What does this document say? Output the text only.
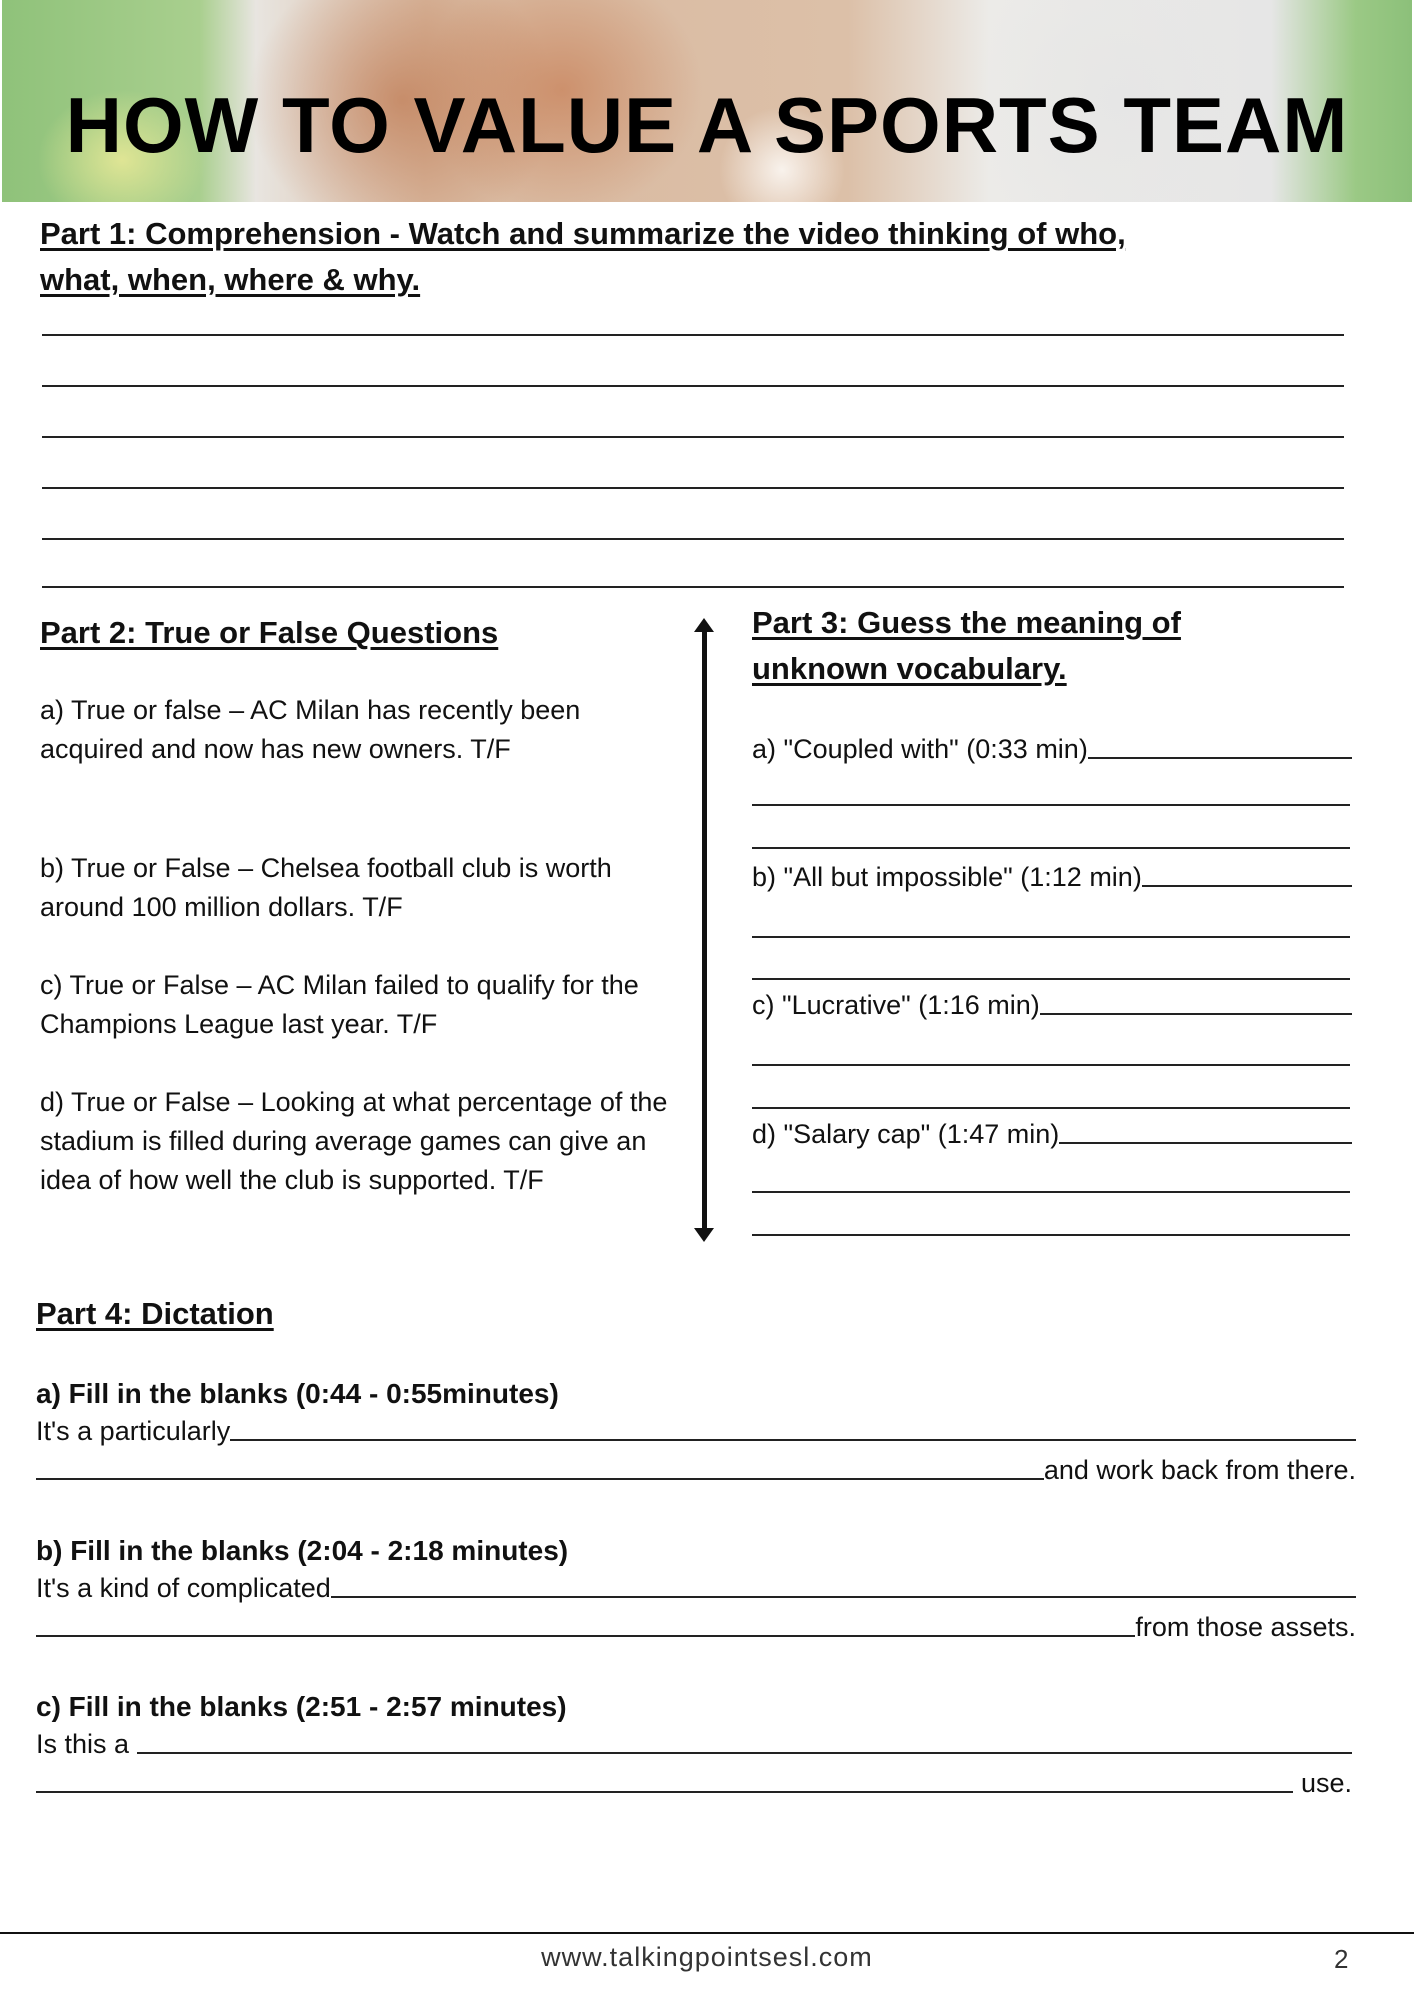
HOW TO VALUE A SPORTS TEAM
Part 1: Comprehension - Watch and summarize the video thinking of who,
what, when, where & why.
Part 2: True or False Questions
a) True or false – AC Milan has recently been acquired and now has new owners. T/F
b) True or False – Chelsea football club is worth around 100 million dollars. T/F
c) True or False – AC Milan failed to qualify for the Champions League last year. T/F
d) True or False – Looking at what percentage of the stadium is filled during average games can give an idea of how well the club is supported. T/F
Part 3: Guess the meaning of
unknown vocabulary.
a) "Coupled with" (0:33 min)
b) "All but impossible" (1:12 min)
c) "Lucrative" (1:16 min)
d) "Salary cap" (1:47 min)
Part 4: Dictation
a) Fill in the blanks (0:44 - 0:55minutes)
It's a particularly
and work back from there.
b) Fill in the blanks (2:04 - 2:18 minutes)
It's a kind of complicated
from those assets.
c) Fill in the blanks (2:51 - 2:57 minutes)
Is this a
use.
www.talkingpointsesl.com	2
